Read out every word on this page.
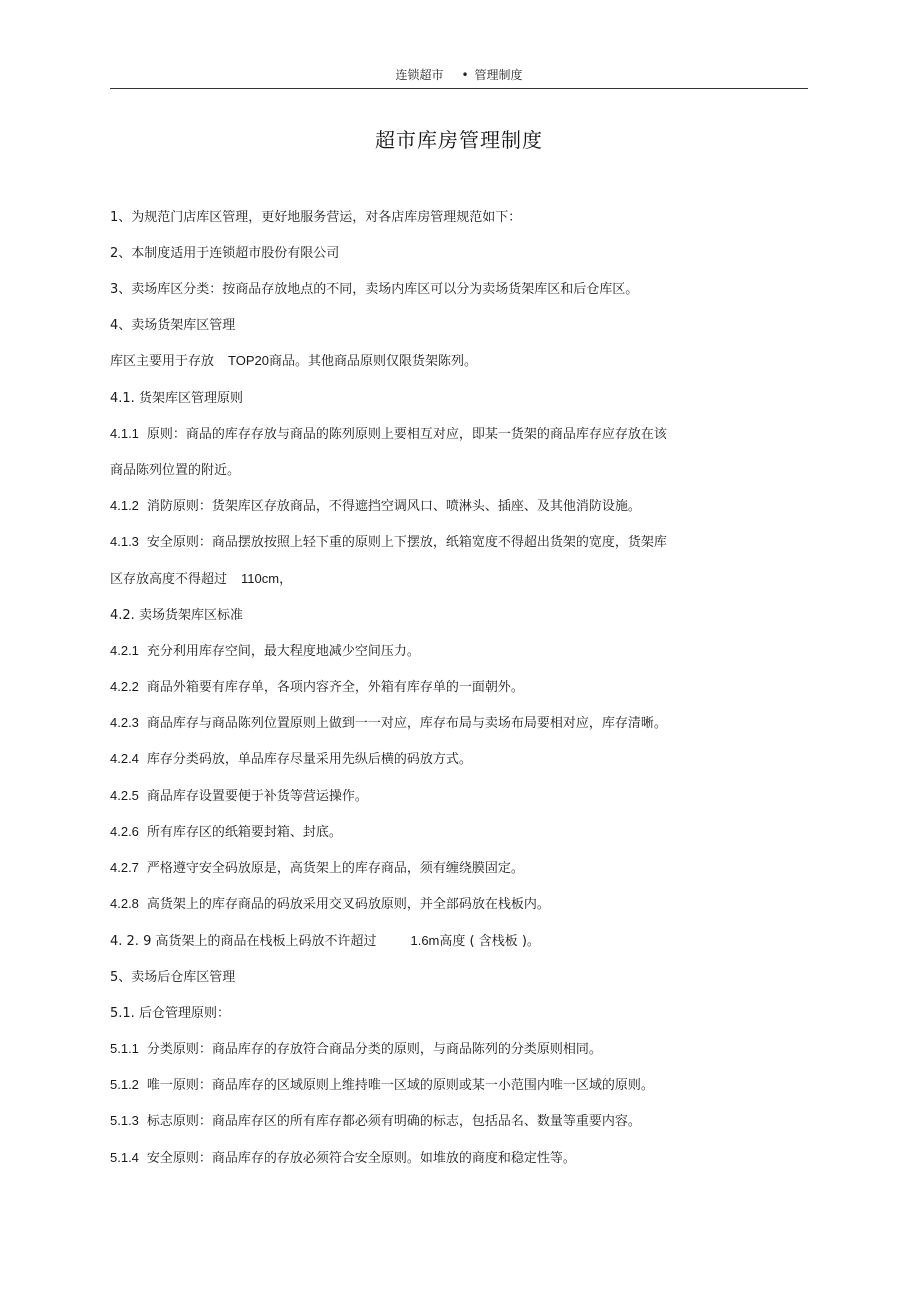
连锁超市 • 管理制度
超市库房管理制度
1、为规范门店库区管理，更好地服务营运，对各店库房管理规范如下：
2、本制度适用于连锁超市股份有限公司
3、卖场库区分类：按商品存放地点的不同，卖场内库区可以分为卖场货架库区和后仓库区。
4、卖场货架库区管理
库区主要用于存放 TOP20商品。其他商品原则仅限货架陈列。
4.1. 货架库区管理原则
4.1.1 原则：商品的库存存放与商品的陈列原则上要相互对应，即某一货架的商品库存应存放在该
商品陈列位置的附近。
4.1.2 消防原则：货架库区存放商品，不得遮挡空调风口、喷淋头、插座、及其他消防设施。
4.1.3 安全原则：商品摆放按照上轻下重的原则上下摆放，纸箱宽度不得超出货架的宽度，货架库
区存放高度不得超过 110cm，
4.2. 卖场货架库区标准
4.2.1 充分利用库存空间，最大程度地减少空间压力。
4.2.2 商品外箱要有库存单，各项内容齐全，外箱有库存单的一面朝外。
4.2.3 商品库存与商品陈列位置原则上做到一一对应，库存布局与卖场布局要相对应，库存清晰。
4.2.4 库存分类码放，单品库存尽量采用先纵后横的码放方式。
4.2.5 商品库存设置要便于补货等营运操作。
4.2.6 所有库存区的纸箱要封箱、封底。
4.2.7 严格遵守安全码放原是，高货架上的库存商品，须有缠绕膜固定。
4.2.8 高货架上的库存商品的码放采用交叉码放原则，并全部码放在栈板内。
4. 2. 9 高货架上的商品在栈板上码放不许超过	1.6m高度 ( 含栈板 )。
5、卖场后仓库区管理
5.1. 后仓管理原则：
5.1.1 分类原则：商品库存的存放符合商品分类的原则，与商品陈列的分类原则相同。
5.1.2 唯一原则：商品库存的区域原则上维持唯一区域的原则或某一小范围内唯一区域的原则。
5.1.3 标志原则：商品库存区的所有库存都必须有明确的标志，包括品名、数量等重要内容。
5.1.4 安全原则：商品库存的存放必须符合安全原则。如堆放的商度和稳定性等。
